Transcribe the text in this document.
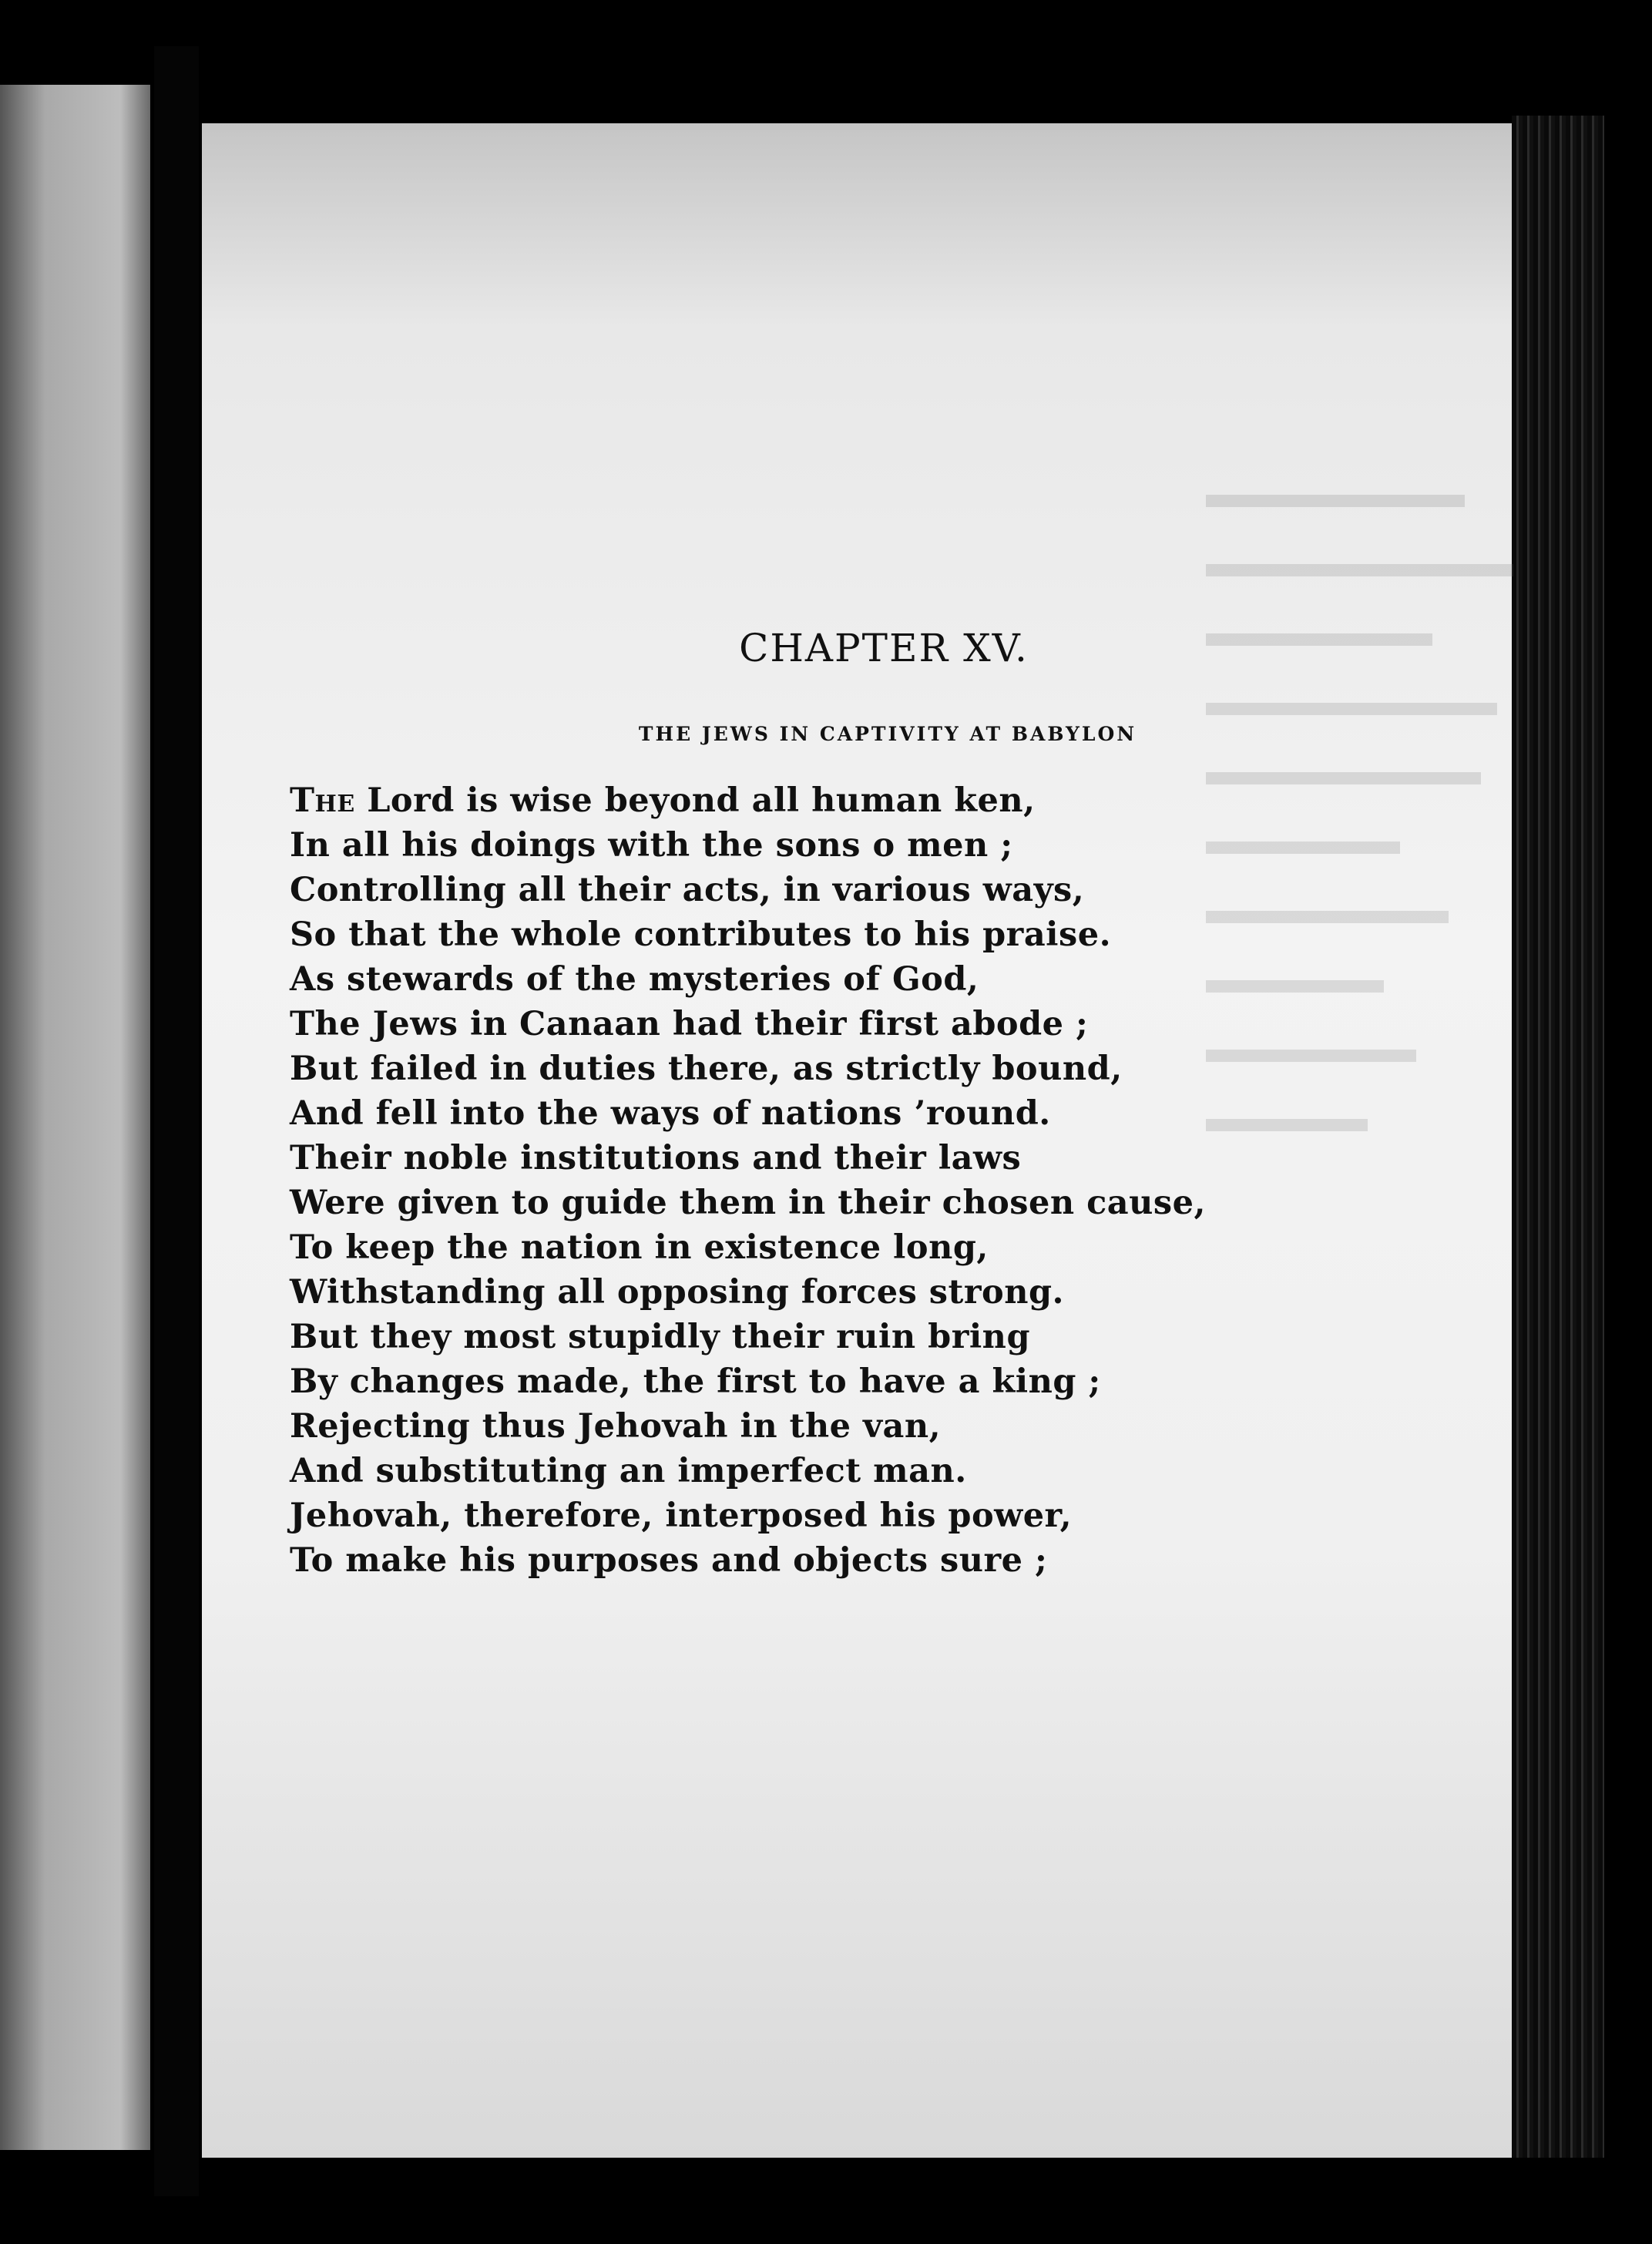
CHAPTER XV.
THE JEWS IN CAPTIVITY AT BABYLON
The Lord is wise beyond all human ken,
In all his doings with the sons o men ;
Controlling all their acts, in various ways,
So that the whole contributes to his praise.
As stewards of the mysteries of God,
The Jews in Canaan had their first abode ;
But failed in duties there, as strictly bound,
And fell into the ways of nations ’round.
Their noble institutions and their laws
Were given to guide them in their chosen cause,
To keep the nation in existence long,
Withstanding all opposing forces strong.
But they most stupidly their ruin bring
By changes made, the first to have a king ;
Rejecting thus Jehovah in the van,
And substituting an imperfect man.
Jehovah, therefore, interposed his power,
To make his purposes and objects sure ;
